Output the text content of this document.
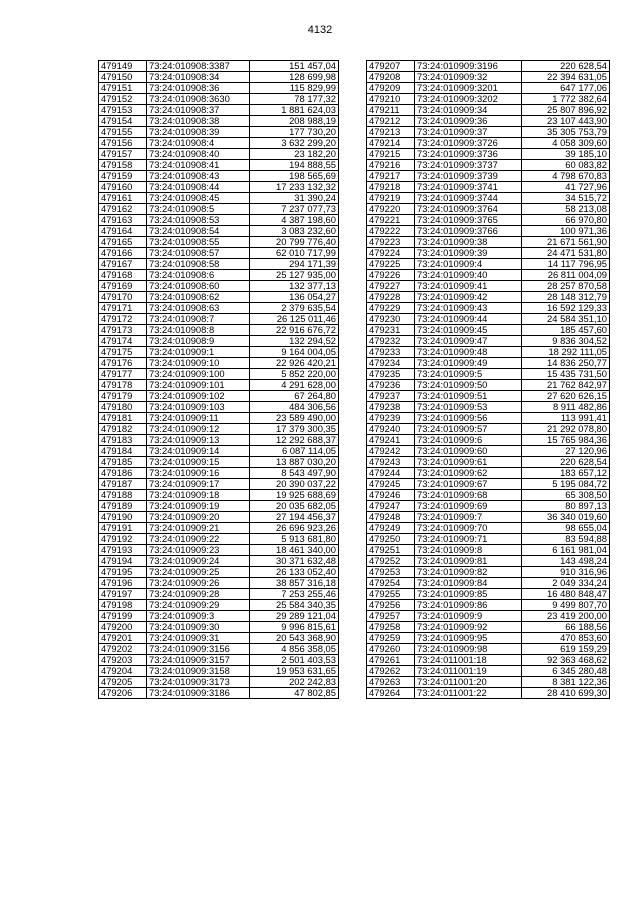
4132
479149	73:24:010908:3387	151 457,04
479150	73:24:010908:34	128 699,98
479151	73:24:010908:36	115 829,99
479152	73:24:010908:3630	78 177,32
479153	73:24:010908:37	1 881 624,03
479154	73:24:010908:38	208 988,19
479155	73:24:010908:39	177 730,20
479156	73:24:010908:4	3 632 299,20
479157	73:24:010908:40	23 182,20
479158	73:24:010908:41	194 888,55
479159	73:24:010908:43	198 565,69
479160	73:24:010908:44	17 233 132,32
479161	73:24:010908:45	31 390,24
479162	73:24:010908:5	7 237 077,73
479163	73:24:010908:53	4 387 198,60
479164	73:24:010908:54	3 083 232,60
479165	73:24:010908:55	20 799 776,40
479166	73:24:010908:57	62 010 717,99
479167	73:24:010908:58	294 171,39
479168	73:24:010908:6	25 127 935,00
479169	73:24:010908:60	132 377,13
479170	73:24:010908:62	136 054,27
479171	73:24:010908:63	2 379 635,54
479172	73:24:010908:7	26 125 011,46
479173	73:24:010908:8	22 916 676,72
479174	73:24:010908:9	132 294,52
479175	73:24:010909:1	9 164 004,05
479176	73:24:010909:10	22 926 420,21
479177	73:24:010909:100	5 852 220,00
479178	73:24:010909:101	4 291 628,00
479179	73:24:010909:102	67 264,80
479180	73:24:010909:103	484 306,56
479181	73:24:010909:11	23 589 490,00
479182	73:24:010909:12	17 379 300,35
479183	73:24:010909:13	12 292 688,37
479184	73:24:010909:14	6 087 114,05
479185	73:24:010909:15	13 887 030,20
479186	73:24:010909:16	8 543 497,90
479187	73:24:010909:17	20 390 037,22
479188	73:24:010909:18	19 925 688,69
479189	73:24:010909:19	20 035 682,05
479190	73:24:010909:20	27 194 456,37
479191	73:24:010909:21	26 696 923,26
479192	73:24:010909:22	5 913 681,80
479193	73:24:010909:23	18 461 340,00
479194	73:24:010909:24	30 371 632,48
479195	73:24:010909:25	26 133 052,40
479196	73:24:010909:26	38 857 316,18
479197	73:24:010909:28	7 253 255,46
479198	73:24:010909:29	25 584 340,35
479199	73:24:010909:3	29 289 121,04
479200	73:24:010909:30	9 996 815,61
479201	73:24:010909:31	20 543 368,90
479202	73:24:010909:3156	4 856 358,05
479203	73:24:010909:3157	2 501 403,53
479204	73:24:010909:3158	19 953 631,65
479205	73:24:010909:3173	202 242,83
479206	73:24:010909:3186	47 802,85
479207	73:24:010909:3196	220 628,54
479208	73:24:010909:32	22 394 631,05
479209	73:24:010909:3201	647 177,06
479210	73:24:010909:3202	1 772 382,64
479211	73:24:010909:34	25 807 896,92
479212	73:24:010909:36	23 107 443,90
479213	73:24:010909:37	35 305 753,79
479214	73:24:010909:3726	4 058 309,60
479215	73:24:010909:3736	39 185,10
479216	73:24:010909:3737	60 083,82
479217	73:24:010909:3739	4 798 670,83
479218	73:24:010909:3741	41 727,96
479219	73:24:010909:3744	34 515,72
479220	73:24:010909:3764	58 213,08
479221	73:24:010909:3765	66 970,80
479222	73:24:010909:3766	100 971,36
479223	73:24:010909:38	21 671 561,90
479224	73:24:010909:39	24 471 531,80
479225	73:24:010909:4	14 117 796,95
479226	73:24:010909:40	26 811 004,09
479227	73:24:010909:41	28 257 870,58
479228	73:24:010909:42	28 148 312,79
479229	73:24:010909:43	16 592 129,33
479230	73:24:010909:44	24 584 351,10
479231	73:24:010909:45	185 457,60
479232	73:24:010909:47	9 836 304,52
479233	73:24:010909:48	18 292 111,05
479234	73:24:010909:49	14 836 250,77
479235	73:24:010909:5	15 435 731,50
479236	73:24:010909:50	21 762 842,97
479237	73:24:010909:51	27 620 626,15
479238	73:24:010909:53	8 911 482,86
479239	73:24:010909:56	113 991,41
479240	73:24:010909:57	21 292 078,80
479241	73:24:010909:6	15 765 984,36
479242	73:24:010909:60	27 120,96
479243	73:24:010909:61	220 628,54
479244	73:24:010909:62	183 657,12
479245	73:24:010909:67	5 195 084,72
479246	73:24:010909:68	65 308,50
479247	73:24:010909:69	80 897,13
479248	73:24:010909:7	36 340 019,60
479249	73:24:010909:70	98 655,04
479250	73:24:010909:71	83 594,88
479251	73:24:010909:8	6 161 981,04
479252	73:24:010909:81	143 498,24
479253	73:24:010909:82	910 316,96
479254	73:24:010909:84	2 049 334,24
479255	73:24:010909:85	16 480 848,47
479256	73:24:010909:86	9 499 807,70
479257	73:24:010909:9	23 419 200,00
479258	73:24:010909:92	66 188,56
479259	73:24:010909:95	470 853,60
479260	73:24:010909:98	619 159,29
479261	73:24:011001:18	92 363 468,62
479262	73:24:011001:19	6 345 280,48
479263	73:24:011001:20	8 381 122,36
479264	73:24:011001:22	28 410 699,30
